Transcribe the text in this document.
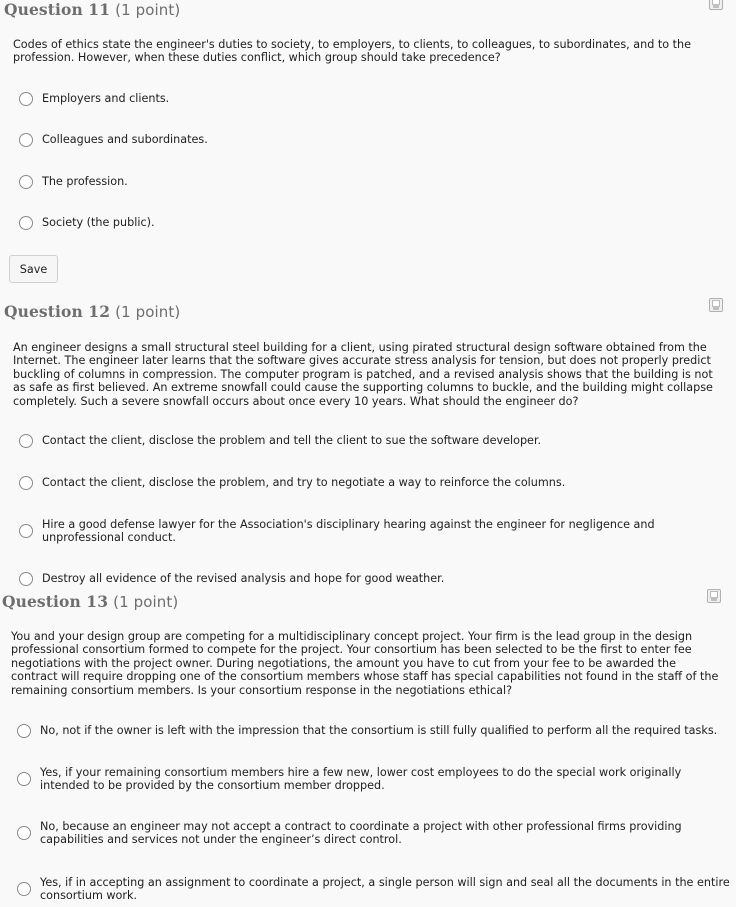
Question 11 (1 point)
Codes of ethics state the engineer's duties to society, to employers, to clients, to colleagues, to subordinates, and to the profession. However, when these duties conflict, which group should take precedence?
Employers and clients.
Colleagues and subordinates.
The profession.
Society (the public).
Save
Question 12 (1 point)
An engineer designs a small structural steel building for a client, using pirated structural design software obtained from the Internet. The engineer later learns that the software gives accurate stress analysis for tension, but does not properly predict buckling of columns in compression. The computer program is patched, and a revised analysis shows that the building is not as safe as first believed. An extreme snowfall could cause the supporting columns to buckle, and the building might collapse completely. Such a severe snowfall occurs about once every 10 years. What should the engineer do?
Contact the client, disclose the problem and tell the client to sue the software developer.
Contact the client, disclose the problem, and try to negotiate a way to reinforce the columns.
Hire a good defense lawyer for the Association's disciplinary hearing against the engineer for negligence and unprofessional conduct.
Destroy all evidence of the revised analysis and hope for good weather.
Question 13 (1 point)
You and your design group are competing for a multidisciplinary concept project. Your firm is the lead group in the design professional consortium formed to compete for the project. Your consortium has been selected to be the first to enter fee negotiations with the project owner. During negotiations, the amount you have to cut from your fee to be awarded the contract will require dropping one of the consortium members whose staff has special capabilities not found in the staff of the remaining consortium members. Is your consortium response in the negotiations ethical?
No, not if the owner is left with the impression that the consortium is still fully qualified to perform all the required tasks.
Yes, if your remaining consortium members hire a few new, lower cost employees to do the special work originally intended to be provided by the consortium member dropped.
No, because an engineer may not accept a contract to coordinate a project with other professional firms providing capabilities and services not under the engineer’s direct control.
Yes, if in accepting an assignment to coordinate a project, a single person will sign and seal all the documents in the entire consortium work.
